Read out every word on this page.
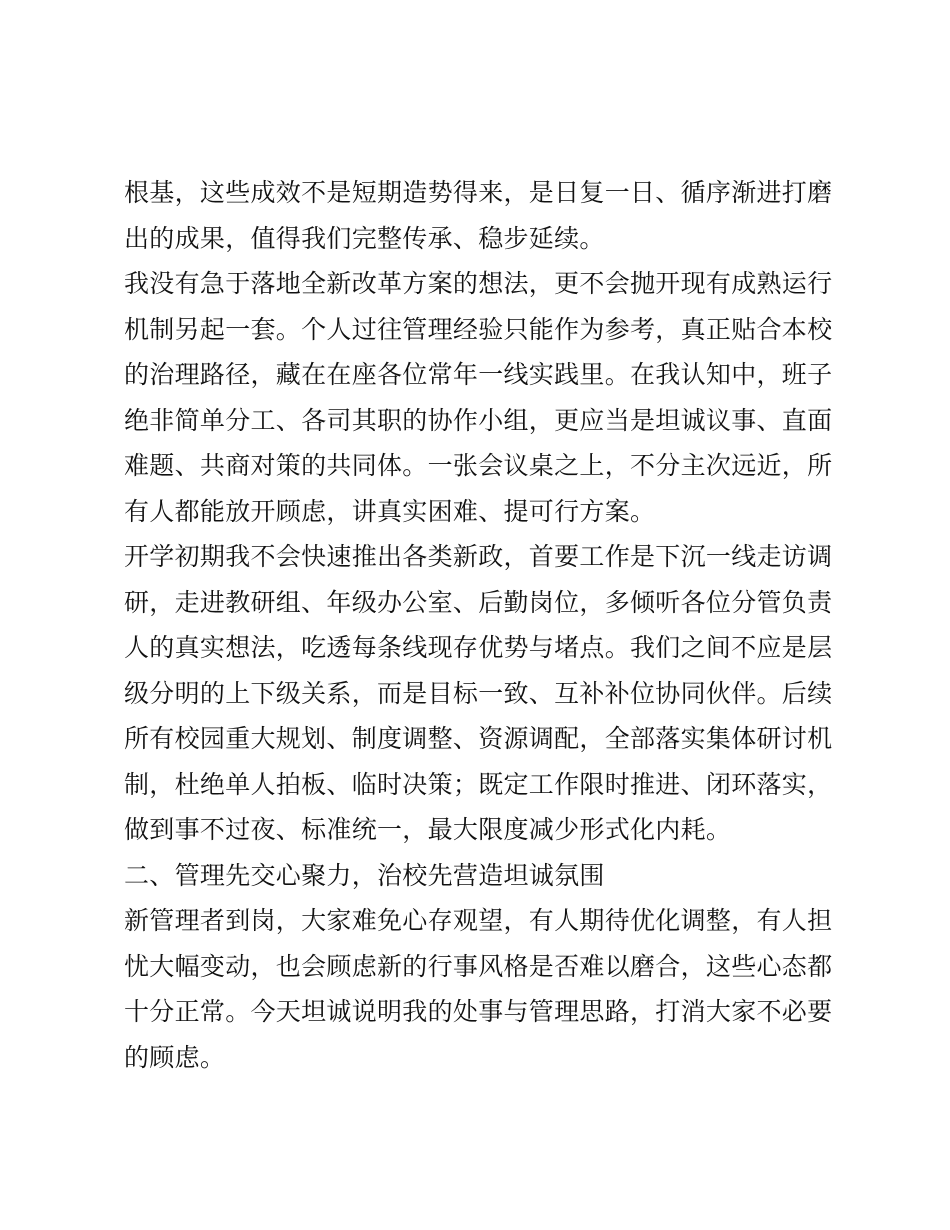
根基，这些成效不是短期造势得来，是日复一日、循序渐进打磨
出的成果，值得我们完整传承、稳步延续。
我没有急于落地全新改革方案的想法，更不会抛开现有成熟运行
机制另起一套。个人过往管理经验只能作为参考，真正贴合本校
的治理路径，藏在在座各位常年一线实践里。在我认知中，班子
绝非简单分工、各司其职的协作小组，更应当是坦诚议事、直面
难题、共商对策的共同体。一张会议桌之上，不分主次远近，所
有人都能放开顾虑，讲真实困难、提可行方案。
开学初期我不会快速推出各类新政，首要工作是下沉一线走访调
研，走进教研组、年级办公室、后勤岗位，多倾听各位分管负责
人的真实想法，吃透每条线现存优势与堵点。我们之间不应是层
级分明的上下级关系，而是目标一致、互补补位协同伙伴。后续
所有校园重大规划、制度调整、资源调配，全部落实集体研讨机
制，杜绝单人拍板、临时决策；既定工作限时推进、闭环落实，
做到事不过夜、标准统一，最大限度减少形式化内耗。
二、管理先交心聚力，治校先营造坦诚氛围
新管理者到岗，大家难免心存观望，有人期待优化调整，有人担
忧大幅变动，也会顾虑新的行事风格是否难以磨合，这些心态都
十分正常。今天坦诚说明我的处事与管理思路，打消大家不必要
的顾虑。
